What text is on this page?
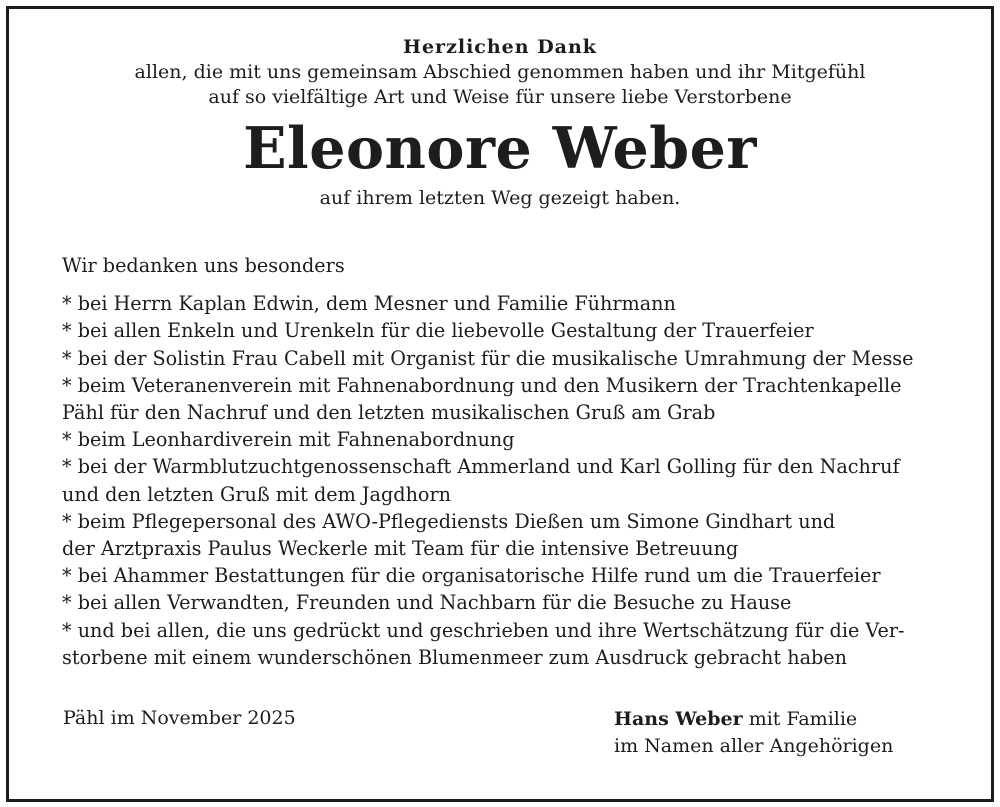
Herzlichen Dank
allen, die mit uns gemeinsam Abschied genommen haben und ihr Mitgefühl
auf so vielfältige Art und Weise für unsere liebe Verstorbene
Eleonore Weber
auf ihrem letzten Weg gezeigt haben.
Wir bedanken uns besonders
* bei Herrn Kaplan Edwin, dem Mesner und Familie Führmann
* bei allen Enkeln und Urenkeln für die liebevolle Gestaltung der Trauerfeier
* bei der Solistin Frau Cabell mit Organist für die musikalische Umrahmung der Messe
* beim Veteranenverein mit Fahnenabordnung und den Musikern der Trachtenkapelle
Pähl für den Nachruf und den letzten musikalischen Gruß am Grab
* beim Leonhardiverein mit Fahnenabordnung
* bei der Warmblutzuchtgenossenschaft Ammerland und Karl Golling für den Nachruf
und den letzten Gruß mit dem Jagdhorn
* beim Pflegepersonal des AWO-Pflegediensts Dießen um Simone Gindhart und
der Arztpraxis Paulus Weckerle mit Team für die intensive Betreuung
* bei Ahammer Bestattungen für die organisatorische Hilfe rund um die Trauerfeier
* bei allen Verwandten, Freunden und Nachbarn für die Besuche zu Hause
* und bei allen, die uns gedrückt und geschrieben und ihre Wertschätzung für die Ver-
storbene mit einem wunderschönen Blumenmeer zum Ausdruck gebracht haben
Pähl im November 2025	Hans Weber mit Familie
im Namen aller Angehörigen
